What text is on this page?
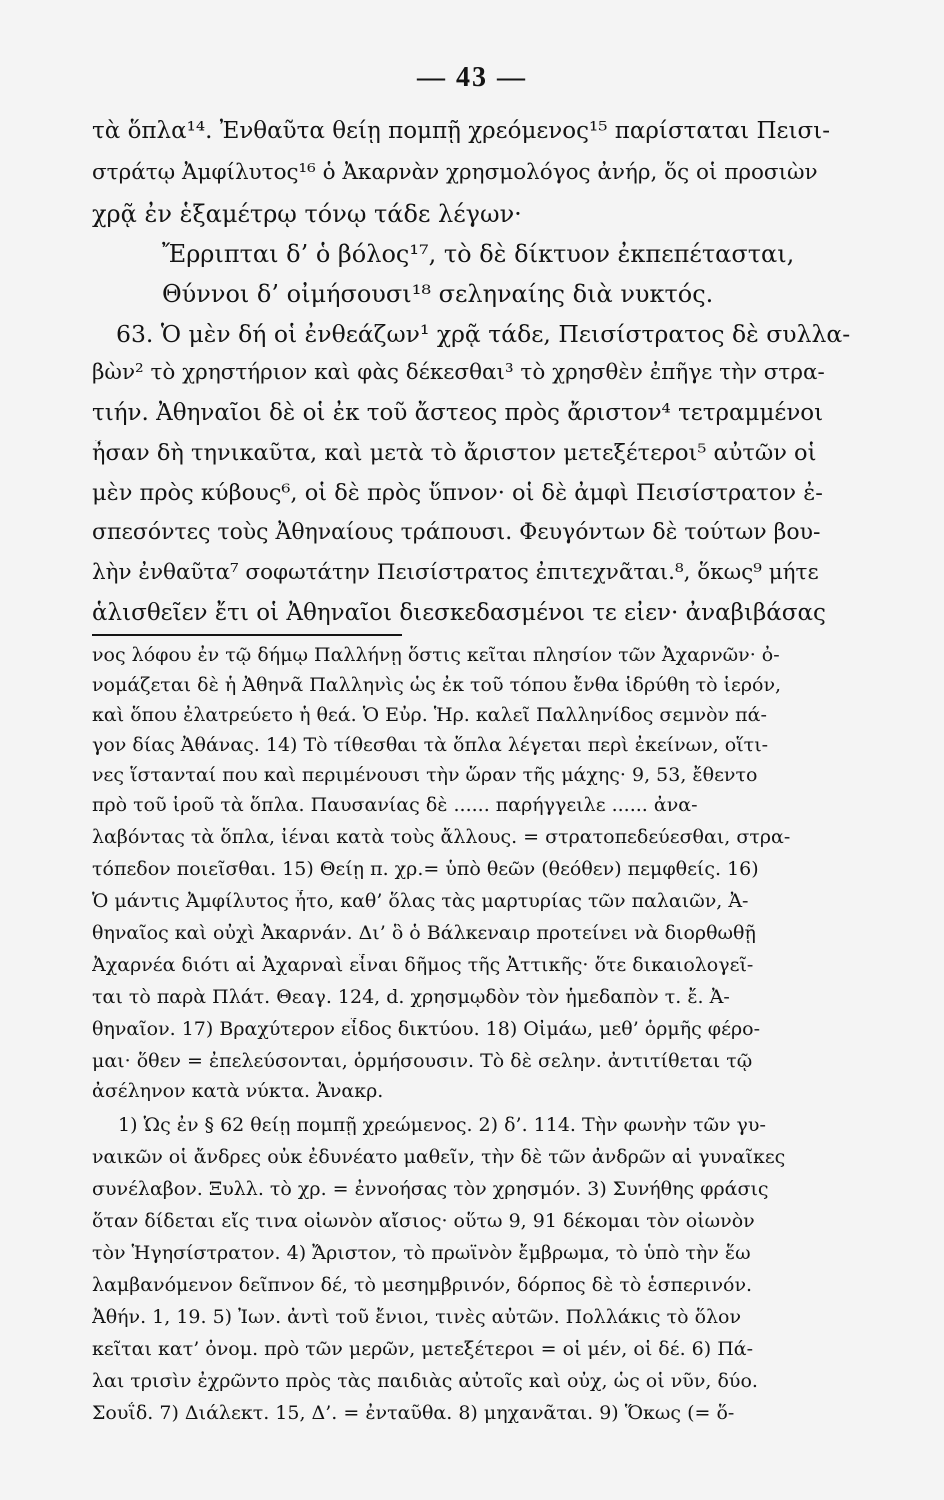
— 43 —
τὰ ὅπλα¹⁴. Ἐνθαῦτα θείῃ πομπῇ χρεόμενος¹⁵ παρίσταται Πεισι-
στράτῳ Ἀμφίλυτος¹⁶ ὁ Ἀκαρνὰν χρησμολόγος ἀνήρ, ὅς οἱ προσιὼν
χρᾷ ἐν ἑξαμέτρῳ τόνῳ τάδε λέγων·
Ἔρριπται δ’ ὁ βόλος¹⁷, τὸ δὲ δίκτυον ἐκπεπέτασται,
Θύννοι δ’ οἰμήσουσι¹⁸ σεληναίης διὰ νυκτός.
63. Ὁ μὲν δή οἱ ἐνθεάζων¹ χρᾷ τάδε, Πεισίστρατος δὲ συλλα-
βὼν² τὸ χρηστήριον καὶ φὰς δέκεσθαι³ τὸ χρησθὲν ἐπῆγε τὴν στρα-
τιήν. Ἀθηναῖοι δὲ οἱ ἐκ τοῦ ἄστεος πρὸς ἄριστον⁴ τετραμμένοι
ἦσαν δὴ τηνικαῦτα, καὶ μετὰ τὸ ἄριστον μετεξέτεροι⁵ αὐτῶν οἱ
μὲν πρὸς κύβους⁶, οἱ δὲ πρὸς ὕπνον· οἱ δὲ ἀμφὶ Πεισίστρατον ἐ-
σπεσόντες τοὺς Ἀθηναίους τράπουσι. Φευγόντων δὲ τούτων βου-
λὴν ἐνθαῦτα⁷ σοφωτάτην Πεισίστρατος ἐπιτεχνᾶται.⁸, ὅκως⁹ μήτε
ἁλισθεῖεν ἔτι οἱ Ἀθηναῖοι διεσκεδασμένοι τε εἶεν· ἀναβιβάσας
νος λόφου ἐν τῷ δήμῳ Παλλήνῃ ὅστις κεῖται πλησίον τῶν Ἀχαρνῶν· ὀ-
νομάζεται δὲ ἡ Ἀθηνᾶ Παλληνὶς ὡς ἐκ τοῦ τόπου ἔνθα ἱδρύθη τὸ ἱερόν,
καὶ ὅπου ἐλατρεύετο ἡ θεά. Ὁ Εὐρ. Ἡρ. καλεῖ Παλληνίδος σεμνὸν πά-
γον δίας Ἀθάνας. 14) Τὸ τίθεσθαι τὰ ὅπλα λέγεται περὶ ἐκείνων, οἵτι-
νες ἵστανταί που καὶ περιμένουσι τὴν ὥραν τῆς μάχης· 9, 53, ἔθεντο
πρὸ τοῦ ἱροῦ τὰ ὅπλα. Παυσανίας δὲ ...... παρήγγειλε ...... ἀνα-
λαβόντας τὰ ὅπλα, ἰέναι κατὰ τοὺς ἄλλους. = στρατοπεδεύεσθαι, στρα-
τόπεδον ποιεῖσθαι. 15) Θείῃ π. χρ.= ὑπὸ θεῶν (θεόθεν) πεμφθείς. 16)
Ὁ μάντις Ἀμφίλυτος ἦτο, καθ’ ὅλας τὰς μαρτυρίας τῶν παλαιῶν, Ἀ-
θηναῖος καὶ οὐχὶ Ἀκαρνάν. Δι’ ὃ ὁ Βάλκεναιρ προτείνει νὰ διορθωθῇ
Ἀχαρνέα διότι αἱ Ἀχαρναὶ εἶναι δῆμος τῆς Ἀττικῆς· ὅτε δικαιολογεῖ-
ται τὸ παρὰ Πλάτ. Θεαγ. 124, d. χρησμῳδὸν τὸν ἡμεδαπὸν τ. ἔ. Ἀ-
θηναῖον. 17) Βραχύτερον εἶδος δικτύου. 18) Οἰμάω, μεθ’ ὁρμῆς φέρο-
μαι· ὅθεν = ἐπελεύσονται, ὁρμήσουσιν. Τὸ δὲ σελην. ἀντιτίθεται τῷ
ἀσέληνον κατὰ νύκτα. Ἀνακρ.
1) Ὡς ἐν § 62 θείῃ πομπῇ χρεώμενος. 2) δ’. 114. Τὴν φωνὴν τῶν γυ-
ναικῶν οἱ ἄνδρες οὐκ ἐδυνέατο μαθεῖν, τὴν δὲ τῶν ἀνδρῶν αἱ γυναῖκες
συνέλαβον. Ξυλλ. τὸ χρ. = ἐννοήσας τὸν χρησμόν. 3) Συνήθης φράσις
ὅταν δίδεται εἴς τινα οἰωνὸν αἴσιος· οὕτω 9, 91 δέκομαι τὸν οἰωνὸν
τὸν Ἡγησίστρατον. 4) Ἄριστον, τὸ πρωϊνὸν ἔμβρωμα, τὸ ὑπὸ τὴν ἕω
λαμβανόμενον δεῖπνον δέ, τὸ μεσημβρινόν, δόρπος δὲ τὸ ἑσπερινόν.
Ἀθήν. 1, 19. 5) Ἰων. ἀντὶ τοῦ ἔνιοι, τινὲς αὐτῶν. Πολλάκις τὸ ὅλον
κεῖται κατ’ ὀνομ. πρὸ τῶν μερῶν, μετεξέτεροι = οἱ μέν, οἱ δέ. 6) Πά-
λαι τρισὶν ἐχρῶντο πρὸς τὰς παιδιὰς αὐτοῖς καὶ οὐχ, ὡς οἱ νῦν, δύο.
Σουΐδ. 7) Διάλεκτ. 15, Δ’. = ἐνταῦθα. 8) μηχανᾶται. 9) Ὅκως (= ὅ-
